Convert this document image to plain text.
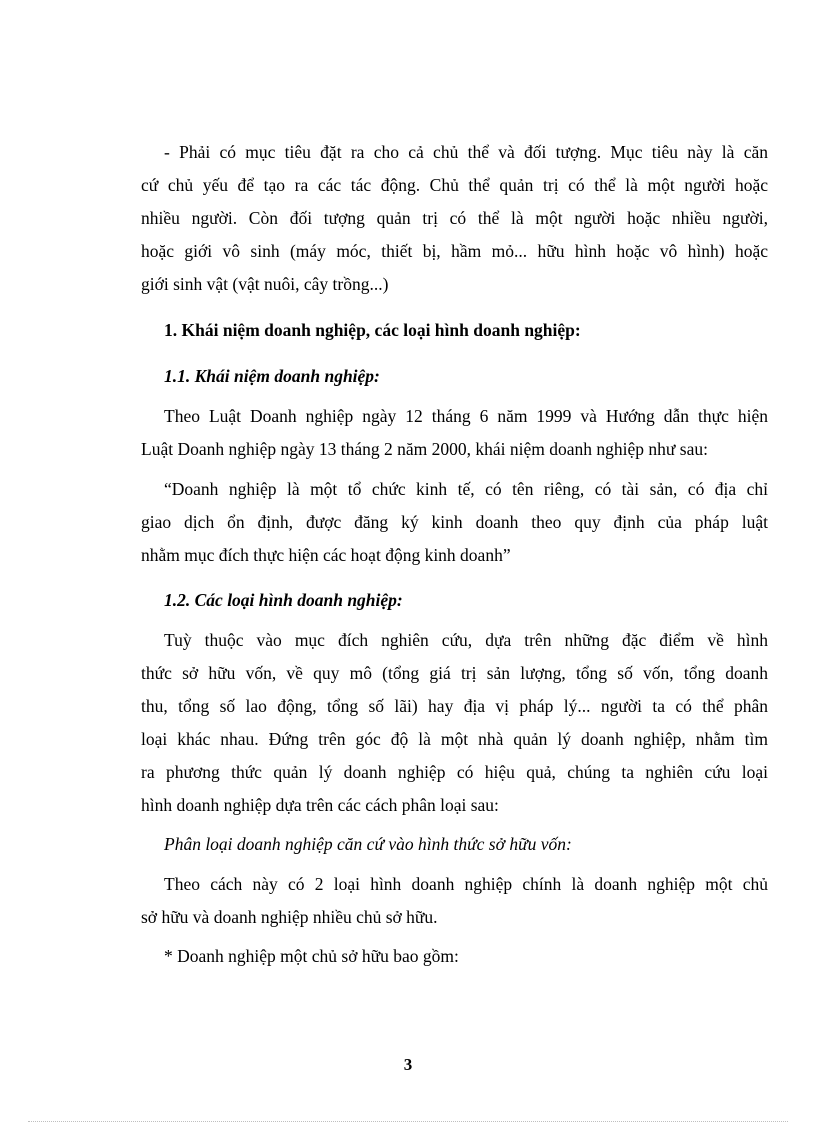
- Phải có mục tiêu đặt ra cho cả chủ thể và đối tượng. Mục tiêu này là căn
cứ chủ yếu để tạo ra các tác động. Chủ thể quản trị có thể là một người hoặc
nhiều người. Còn đối tượng quản trị có thể là một người hoặc nhiều người,
hoặc giới vô sinh (máy móc, thiết bị, hầm mỏ... hữu hình hoặc vô hình) hoặc
giới sinh vật (vật nuôi, cây trồng...)
1. Khái niệm doanh nghiệp, các loại hình doanh nghiệp:
1.1. Khái niệm doanh nghiệp:
Theo Luật Doanh nghiệp ngày 12 tháng 6 năm 1999 và Hướng dẫn thực hiện
Luật Doanh nghiệp ngày 13 tháng 2 năm 2000, khái niệm doanh nghiệp như sau:
“Doanh nghiệp là một tổ chức kinh tế, có tên riêng, có tài sản, có địa chỉ
giao dịch ổn định, được đăng ký kinh doanh theo quy định của pháp luật
nhằm mục đích thực hiện các hoạt động kinh doanh”
1.2. Các loại hình doanh nghiệp:
Tuỳ thuộc vào mục đích nghiên cứu, dựa trên những đặc điểm về hình
thức sở hữu vốn, về quy mô (tổng giá trị sản lượng, tổng số vốn, tổng doanh
thu, tổng số lao động, tổng số lãi) hay địa vị pháp lý... người ta có thể phân
loại khác nhau. Đứng trên góc độ là một nhà quản lý doanh nghiệp, nhằm tìm
ra phương thức quản lý doanh nghiệp có hiệu quả, chúng ta nghiên cứu loại
hình doanh nghiệp dựa trên các cách phân loại sau:
Phân loại doanh nghiệp căn cứ vào hình thức sở hữu vốn:
Theo cách này có 2 loại hình doanh nghiệp chính là doanh nghiệp một chủ
sở hữu và doanh nghiệp nhiều chủ sở hữu.
* Doanh nghiệp một chủ sở hữu bao gồm:
3
